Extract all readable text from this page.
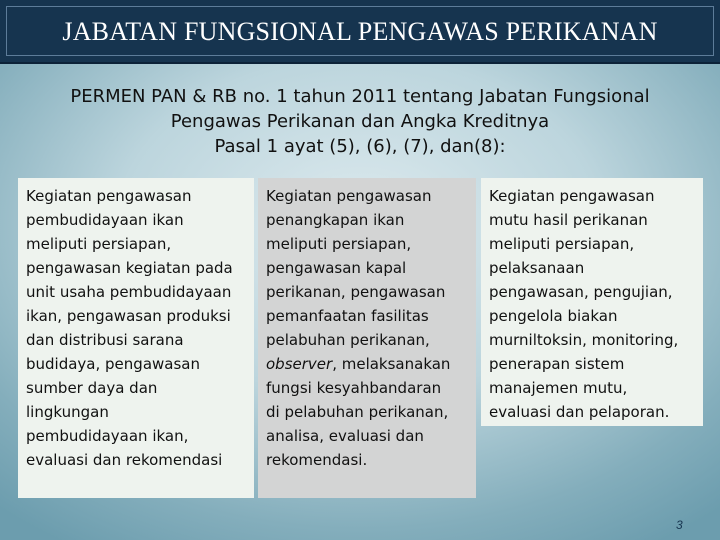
JABATAN FUNGSIONAL PENGAWAS PERIKANAN
PERMEN PAN & RB no. 1 tahun 2011 tentang Jabatan Fungsional
Pengawas Perikanan dan Angka Kreditnya
Pasal 1 ayat (5), (6), (7), dan(8):
Kegiatan pengawasan
pembudidayaan ikan
meliputi persiapan,
pengawasan kegiatan pada
unit usaha pembudidayaan
ikan, pengawasan produksi
dan distribusi sarana
budidaya, pengawasan
sumber daya dan
lingkungan
pembudidayaan ikan,
evaluasi dan rekomendasi
Kegiatan pengawasan
penangkapan ikan
meliputi persiapan,
pengawasan kapal
perikanan, pengawasan
pemanfaatan fasilitas
pelabuhan perikanan,
observer, melaksanakan
fungsi kesyahbandaran
di pelabuhan perikanan,
analisa, evaluasi dan
rekomendasi.
Kegiatan pengawasan
mutu hasil perikanan
meliputi persiapan,
pelaksanaan
pengawasan, pengujian,
pengelola biakan
murniltoksin, monitoring,
penerapan sistem
manajemen mutu,
evaluasi dan pelaporan.
3
